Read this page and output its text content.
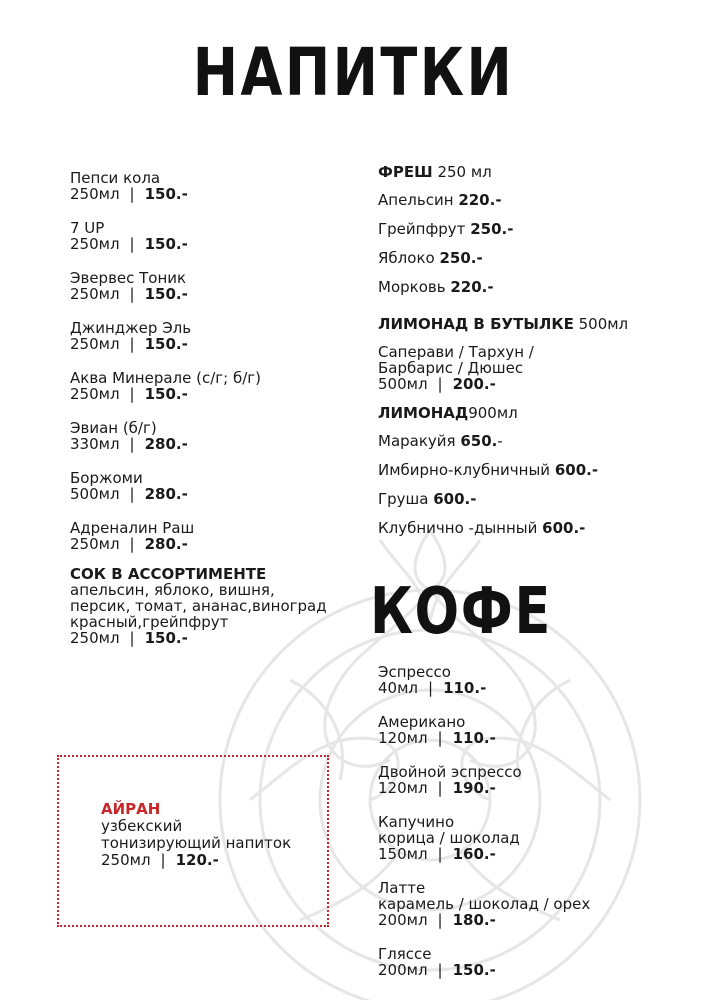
НАПИТКИ
Пепси кола
250мл | 150.-
7 UP
250мл | 150.-
Эвервес Тоник
250мл | 150.-
Джинджер Эль
250мл | 150.-
Аква Минерале (с/г; б/г)
250мл | 150.-
Эвиан (б/г)
330мл | 280.-
Боржоми
500мл | 280.-
Адреналин Раш
250мл | 280.-
СОК В АССОРТИМЕНТЕ
апельсин, яблоко, вишня,
персик, томат, ананас,виноград
красный,грейпфрут
250мл | 150.-
ФРЕШ 250 мл
Апельсин 220.-
Грейпфрут 250.-
Яблоко 250.-
Морковь 220.-
ЛИМОНАД В БУТЫЛКЕ 500мл
Саперави / Тархун /
Барбарис / Дюшес
500мл | 200.-
ЛИМОНАД900мл
Маракуйя 650.-
Имбирно-клубничный 600.-
Груша 600.-
Клубнично -дынный 600.-
КОФЕ
Эспрессо
40мл | 110.-
Американо
120мл | 110.-
Двойной эспрессо
120мл | 190.-
Капучино
корица / шоколад
150мл | 160.-
Латте
карамель / шоколад / орех
200мл | 180.-
Гляссе
200мл | 150.-
АЙРАН
узбекский
тонизирующий напиток
250мл | 120.-
